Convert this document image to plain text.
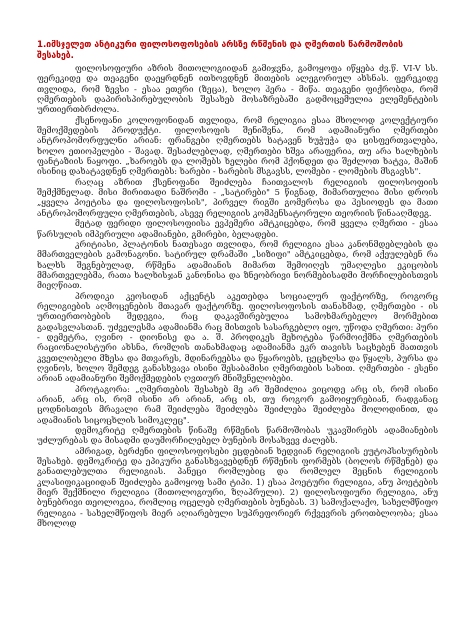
1.იმსჯელეთ ანტიკური ფილოსოფოსების არსზე რწმენის და ღმერთის წარმოშობის შესახებ.

ფილოსოფიური აზრის მითოლოგიიდან გამიჯვნა, გამოყოფა იწყება ძვ.წ. VI-V სს. ფერეკიდე და თეაგენი დაეყრდნენ ითხოვდნენ მითების ალეგორიულ ახსნას. ფერეკიდე თვლიდა, რომ ზევსი - ესაა ეთერი (ზეცა), ხოლო ჰერა - მიწა. თეაგენი ფიქრობდა, რომ ღმერთების დაპირისპირებულობის შესახებ მოსაზრებაში გადმოცემულია ელემენტების ურთიერთბრძოლა.

ქსენოფანი კოლოფონიდან თვლიდა, რომ რელიგია ესაა მხოლოდ კოლექტიური შემოქმედების პროდუქტი. ფილოსოფის შენიშვნა, რომ ადამიანური ღმერთები ანტროპომორფულნი არიან: ფრანგები ღმერთებს ხატავენ ხუჭუჭა და ცისფერთვალება, ხოლო ეთიოპელები - შავად. შესაძლებლად, ღმერთები ხშვა არაფერია, თუ არა ხალხების ფანტაზიის ნაყოფი. „ხაროებს და ლომებს ხელები რომ ჰქონდეთ და შეძლოთ ხატვა, მაშინ ისინიც დახატავდნენ ღმერთებს: ხარები - ხარების მსგავსს, ლომები - ლომების მსგავსს".

რაღაც აზრით ქსენოფანი შეიძლება ჩაითვალოს რელიგიის ფილოსოფიის შემქმნელად. მისი მირითადი ნაშრომი - „სატირები" 5 წიგნად, მიმართულია მისი დროის „ყველა პოეტისა და ფილოსოფოსის", პირველ რიგში გომეროსა და ჰესიოდეს და მათი ანტროპომორფული ღმერთების, ასევე რელიგიის კომპენსატორული თეორიის წინააღმდეგ.

მეტად ფერიდი ფილოსოფიისა ევჰემერი ამტკიცებდა, რომ ყველა ღმერთი - ესაა წარსულის იმპერიული ადამიანები, გმირები, ბელადები.

კრიტიასი, პლატონის ნათესავი თვლიდა, რომ რელიგია ესაა კანონმდებლების და მმართველების გამონაგონი. სატირულ დრამაში „სიზიფი" ამტკიცებდა, რომ აქეულებენ რა ხალხს შეგნებულად, რწმენა ადამიანის მიმართ შემოიღეს უმაღლესი ეკიცობის მმართველებმა, რათა ხალხისჯან კანონისა და ზნეობრივი ნორმებისადმი მორჩილებისთვის მიეღწიათ.

პროდიკი კეოსიდან აქცენტს აკეთებდა სოციალურ ფაქტორზე, როგორც რელიგიების აღმოცენების მთავარ ფაქტორზე. ფილოსოფოსის თანახმად, ღმერთები - ის ურთიერთობების შედეგია, რაც დაკავშირებულია სამოხმარებელო მორმებით გადასვლასთან. უძველესმა ადამიანმა რაც მისთვის სასარგებლო იყო, უწოდა ღმერთი: პური - დემეტრა, ღვინო - დიონისე და ა. შ. პროდიკეს მეხოტება წარმოიქმნა ღმერთების რაციონალისტური ახსნა, რომლის თანახმადაც ადამიანმა ეკრ თავისს საცხებენ მათთვის კვეთლობელი მზესა და მთვარეს, მდინარეებსა და წყაროებს, ცეცხლსა და წყალს, პურსა და ღვინოს, ხოლო შემდეგ განასხვავა ისინი შესაბამისი ღმერთების სახით. ღმერთები - ესენი არიან ადამიანური შემოქმედების ღვთიურ მნიშვნელობები.

პროტაგორა: „ღმერთების შესახებ მე არ შემიძლია ვიცოდე არც ის, რომ ისინი არიან, არც ის, რომ ისინი არ არიან, არც ის, თუ როგორ გამოიყურებიან, რადგანაც ცოდნისთვის მრავალი რამ შეიძლება შეიძლება შეიძლება შეიძლება მოლოდინით, და ადამიანის სიცოცხლის სიმოკლეც".

დემოკრიტე ღმერთების წინაშე რწმენის წარმოშობას უკავშირებს ადამიანების უძლურებას და მისადმი დაუმორჩილებელ ბუნების მოსახვევ ძალებს.

ამრიგად, ბერძენი ფილოსოფოსები ეცდებიან ხედვიან რელიგიის ეუტოპსისურების შესახებ. დემოკრიტე და ეპიკური განასხვავებდნენ რწმენის ფორმებს (ბოლოს რწმენებ) და განათლებულთა რელიგიას. პანეცი რომლებიც და რომლელ მეცნის რელიგიის კლასიფიკაციიდან შეიძლება გამოყოფ სამი ტიპი. 1) ესაა პოეტური რელიგია, ანუ პოეტების მიერ შექმნილი რელიგია (მითოლოგიური, ზღაპრული). 2) ფილოსოფიური რელიგია, ანუ ბუნებრივი თეოლოგია, რომლიც ოცელებ ღმერთების ბუნებას. 3) სამოქალაქო, სახელმწიფო რელიგია - სახელმწიფოს მიერ აღიარებული სუპრეფორიერ რქვევრის ეროთბლოობა; ესაა მხოლოდ
